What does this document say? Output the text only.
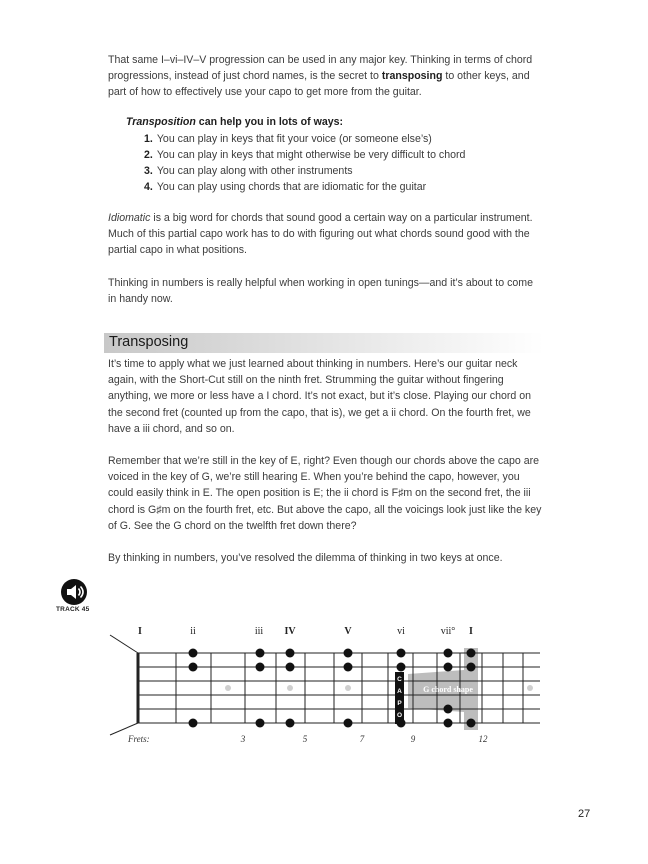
That same I–vi–IV–V progression can be used in any major key. Thinking in terms of chord progressions, instead of just chord names, is the secret to transposing to other keys, and part of how to effectively use your capo to get more from the guitar.

Transposition can help you in lots of ways:

1. You can play in keys that fit your voice (or someone else’s)
2. You can play in keys that might otherwise be very difficult to chord
3. You can play along with other instruments
4. You can play using chords that are idiomatic for the guitar

Idiomatic is a big word for chords that sound good a certain way on a particular instrument. Much of this partial capo work has to do with figuring out what chords sound good with the partial capo in what positions.

Thinking in numbers is really helpful when working in open tunings—and it’s about to come in handy now.

Transposing

It’s time to apply what we just learned about thinking in numbers. Here’s our guitar neck again, with the Short-Cut still on the ninth fret. Strumming the guitar without fingering anything, we more or less have a I chord. It’s not exact, but it’s close. Playing our chord on the second fret (counted up from the capo, that is), we get a ii chord. On the fourth fret, we have a iii chord, and so on.

Remember that we’re still in the key of E, right? Even though our chords above the capo are voiced in the key of G, we’re still hearing E. When you’re behind the capo, however, you could easily think in E. The open position is E; the ii chord is F♯m on the second fret, the iii chord is G♯m on the fourth fret, etc. But above the capo, all the voicings look just like the key of G. See the G chord on the twelfth fret down there?

By thinking in numbers, you’ve resolved the dilemma of thinking in two keys at once.

TRACK 45
I	ii	iii IV	V	vi	vii° I
C
A
P
O
G chord shape
Frets:	3	5	7	9	12
27
